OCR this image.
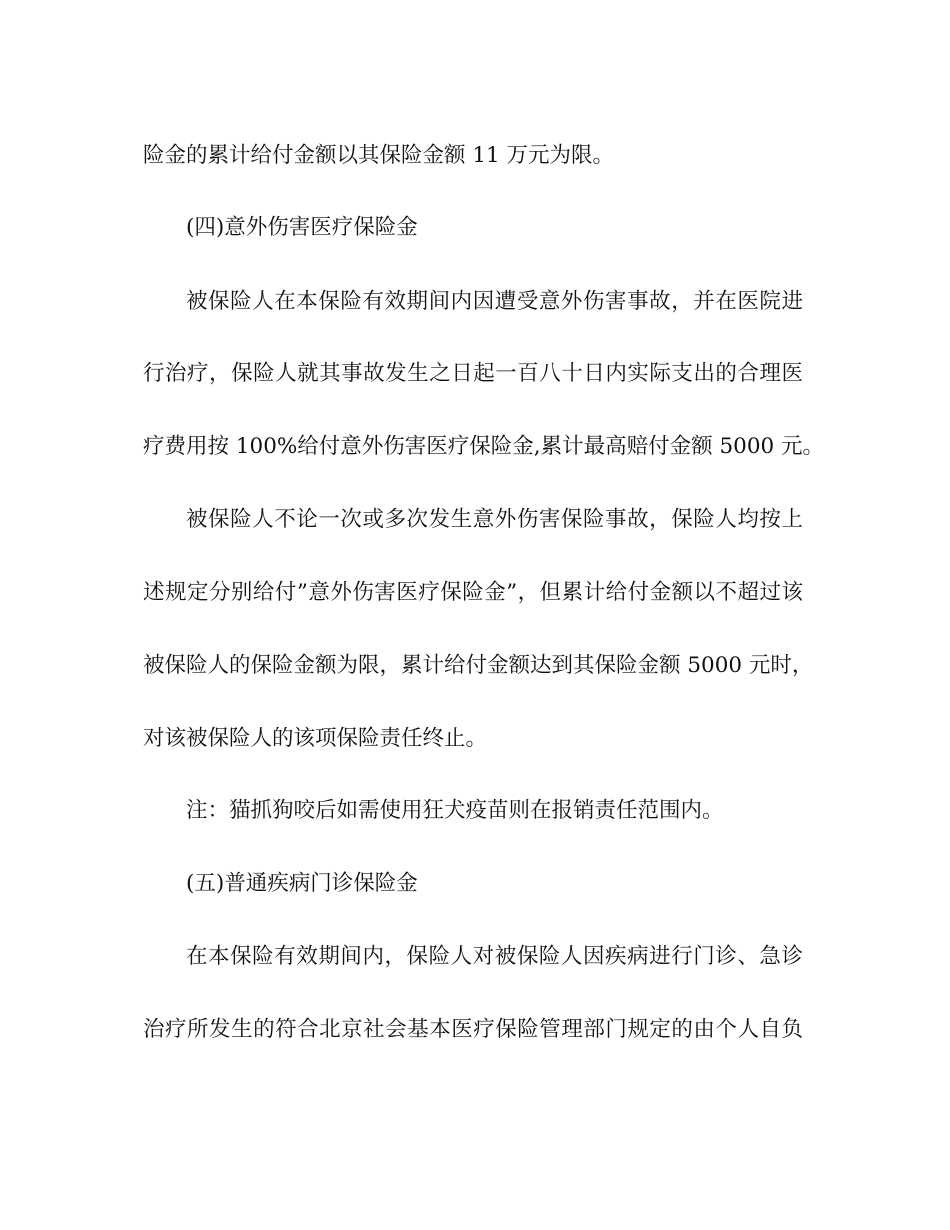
险金的累计给付金额以其保险金额 11 万元为限。
(四)意外伤害医疗保险金
被保险人在本保险有效期间内因遭受意外伤害事故，并在医院进
行治疗，保险人就其事故发生之日起一百八十日内实际支出的合理医
疗费用按 100%给付意外伤害医疗保险金,累计最高赔付金额 5000 元。
被保险人不论一次或多次发生意外伤害保险事故，保险人均按上
述规定分别给付”意外伤害医疗保险金”，但累计给付金额以不超过该
被保险人的保险金额为限，累计给付金额达到其保险金额 5000 元时，
对该被保险人的该项保险责任终止。
注：猫抓狗咬后如需使用狂犬疫苗则在报销责任范围内。
(五)普通疾病门诊保险金
在本保险有效期间内，保险人对被保险人因疾病进行门诊、急诊
治疗所发生的符合北京社会基本医疗保险管理部门规定的由个人自负
